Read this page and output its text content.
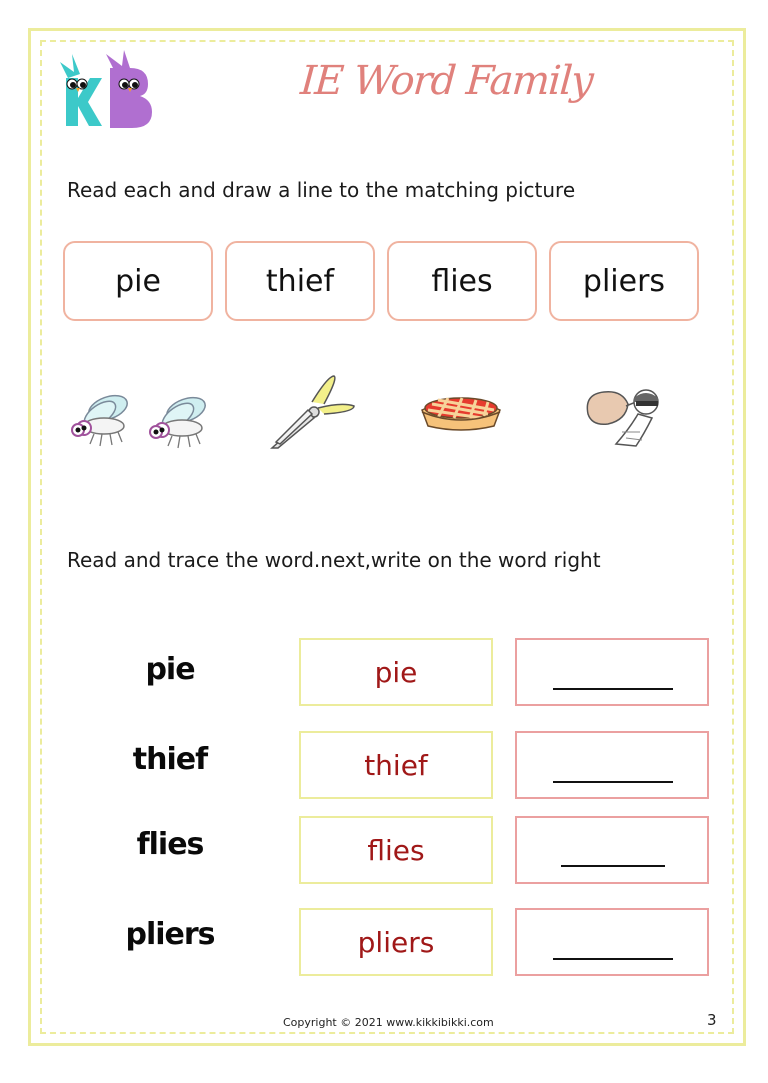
IE Word Family
Read each and draw a line to the matching picture
pie	thief	flies	pliers
Read and trace the word.next,write on the word right
pie	pie
thief	thief
flies	flies
pliers	pliers
Copyright © 2021 www.kikkibikki.com	3
